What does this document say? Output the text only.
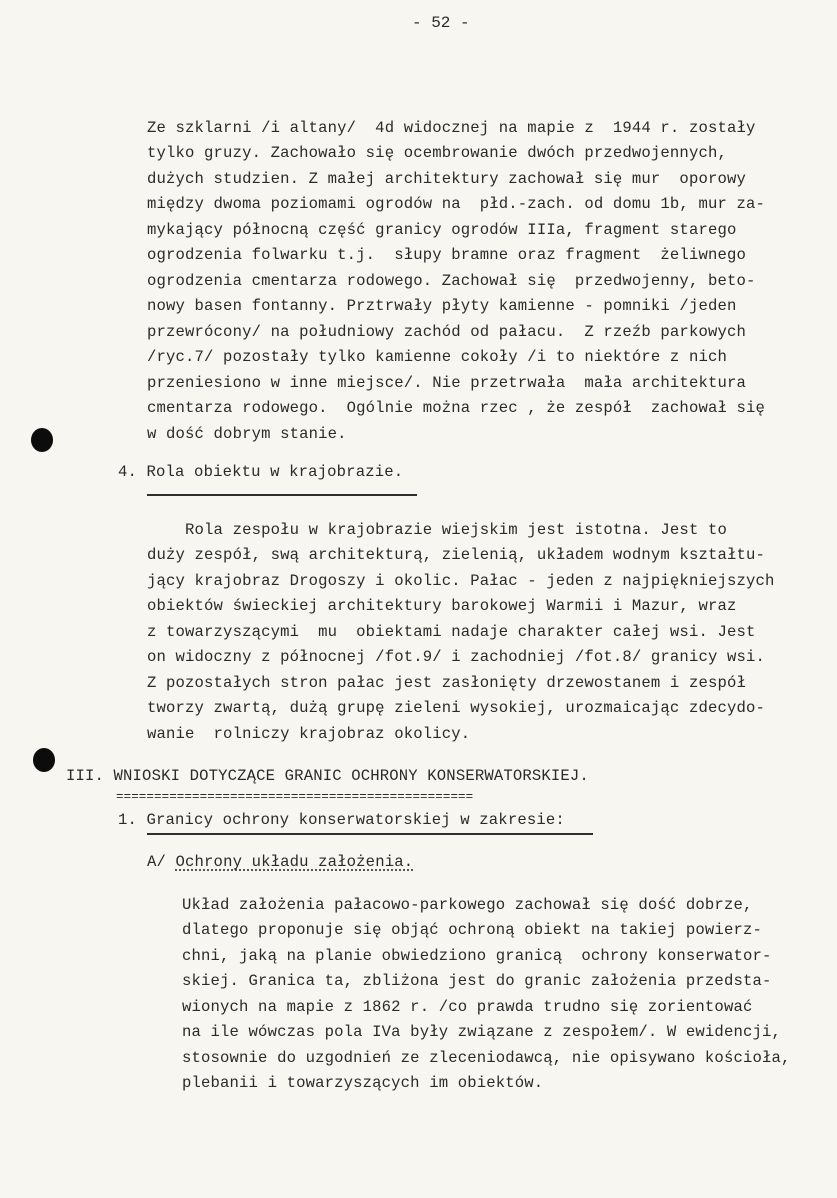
- 52 -
Ze szklarni /i altany/  4d widocznej na mapie z  1944 r. zostały
tylko gruzy. Zachowało się ocembrowanie dwóch przedwojennych,
dużych studzien. Z małej architektury zachował się mur  oporowy
między dwoma poziomami ogrodów na  płd.-zach. od domu 1b, mur za-
mykający północną część granicy ogrodów IIIa, fragment starego
ogrodzenia folwarku t.j.  słupy bramne oraz fragment  żeliwnego
ogrodzenia cmentarza rodowego. Zachował się  przedwojenny, beto-
nowy basen fontanny. Prztrwały płyty kamienne - pomniki /jeden
przewrócony/ na południowy zachód od pałacu.  Z rzeźb parkowych
/ryc.7/ pozostały tylko kamienne cokoły /i to niektóre z nich
przeniesiono w inne miejsce/. Nie przetrwała  mała architektura
cmentarza rodowego.  Ogólnie można rzec , że zespół  zachował się
w dość dobrym stanie.
4. Rola obiektu w krajobrazie.
Rola zespołu w krajobrazie wiejskim jest istotna. Jest to
duży zespół, swą architekturą, zielenią, układem wodnym kształtu-
jący krajobraz Drogoszy i okolic. Pałac - jeden z najpiękniejszych
obiektów świeckiej architektury barokowej Warmii i Mazur, wraz
z towarzyszącymi  mu  obiektami nadaje charakter całej wsi. Jest
on widoczny z północnej /fot.9/ i zachodniej /fot.8/ granicy wsi.
Z pozostałych stron pałac jest zasłonięty drzewostanem i zespół
tworzy zwartą, dużą grupę zieleni wysokiej, urozmaicając zdecydo-
wanie  rolniczy krajobraz okolicy.
III. WNIOSKI DOTYCZĄCE GRANIC OCHRONY KONSERWATORSKIEJ.
===============================================
1. Granicy ochrony konserwatorskiej w zakresie:
A/ Ochrony układu założenia.
Układ założenia pałacowo-parkowego zachował się dość dobrze,
dlatego proponuje się objąć ochroną obiekt na takiej powierz-
chni, jaką na planie obwiedziono granicą  ochrony konserwator-
skiej. Granica ta, zbliżona jest do granic założenia przedsta-
wionych na mapie z 1862 r. /co prawda trudno się zorientować
na ile wówczas pola IVa były związane z zespołem/. W ewidencji,
stosownie do uzgodnień ze zleceniodawcą, nie opisywano kościoła,
plebanii i towarzyszących im obiektów.
